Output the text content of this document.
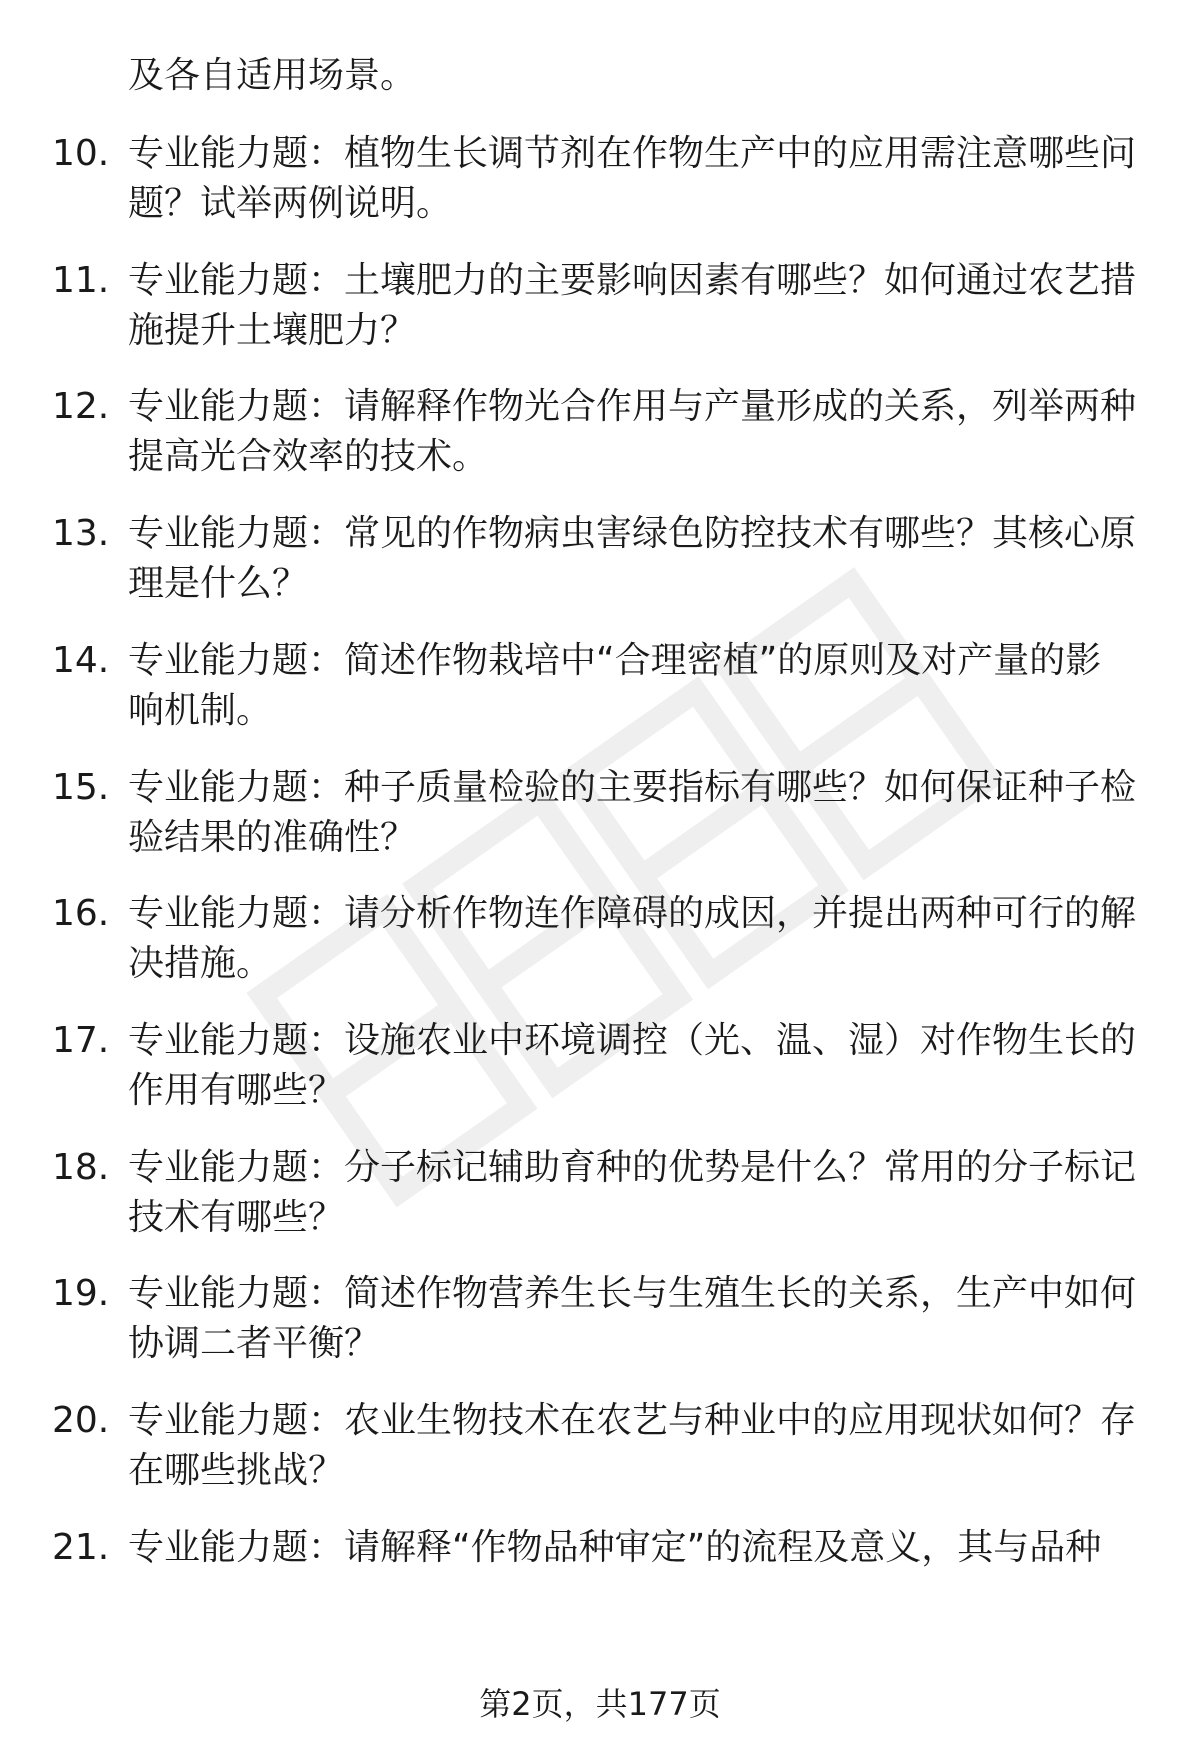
及各自适用场景。
10. 专业能力题：植物生长调节剂在作物生产中的应用需注意哪些问
题？试举两例说明。
11. 专业能力题：土壤肥力的主要影响因素有哪些？如何通过农艺措
施提升土壤肥力？
12. 专业能力题：请解释作物光合作用与产量形成的关系，列举两种
提高光合效率的技术。
13. 专业能力题：常见的作物病虫害绿色防控技术有哪些？其核心原
理是什么？
14. 专业能力题：简述作物栽培中“合理密植”的原则及对产量的影
响机制。
15. 专业能力题：种子质量检验的主要指标有哪些？如何保证种子检
验结果的准确性？
16. 专业能力题：请分析作物连作障碍的成因，并提出两种可行的解
决措施。
17. 专业能力题：设施农业中环境调控（光、温、湿）对作物生长的
作用有哪些？
18. 专业能力题：分子标记辅助育种的优势是什么？常用的分子标记
技术有哪些？
19. 专业能力题：简述作物营养生长与生殖生长的关系，生产中如何
协调二者平衡？
20. 专业能力题：农业生物技术在农艺与种业中的应用现状如何？存
在哪些挑战？
21. 专业能力题：请解释“作物品种审定”的流程及意义，其与品种
第2页，共177页
